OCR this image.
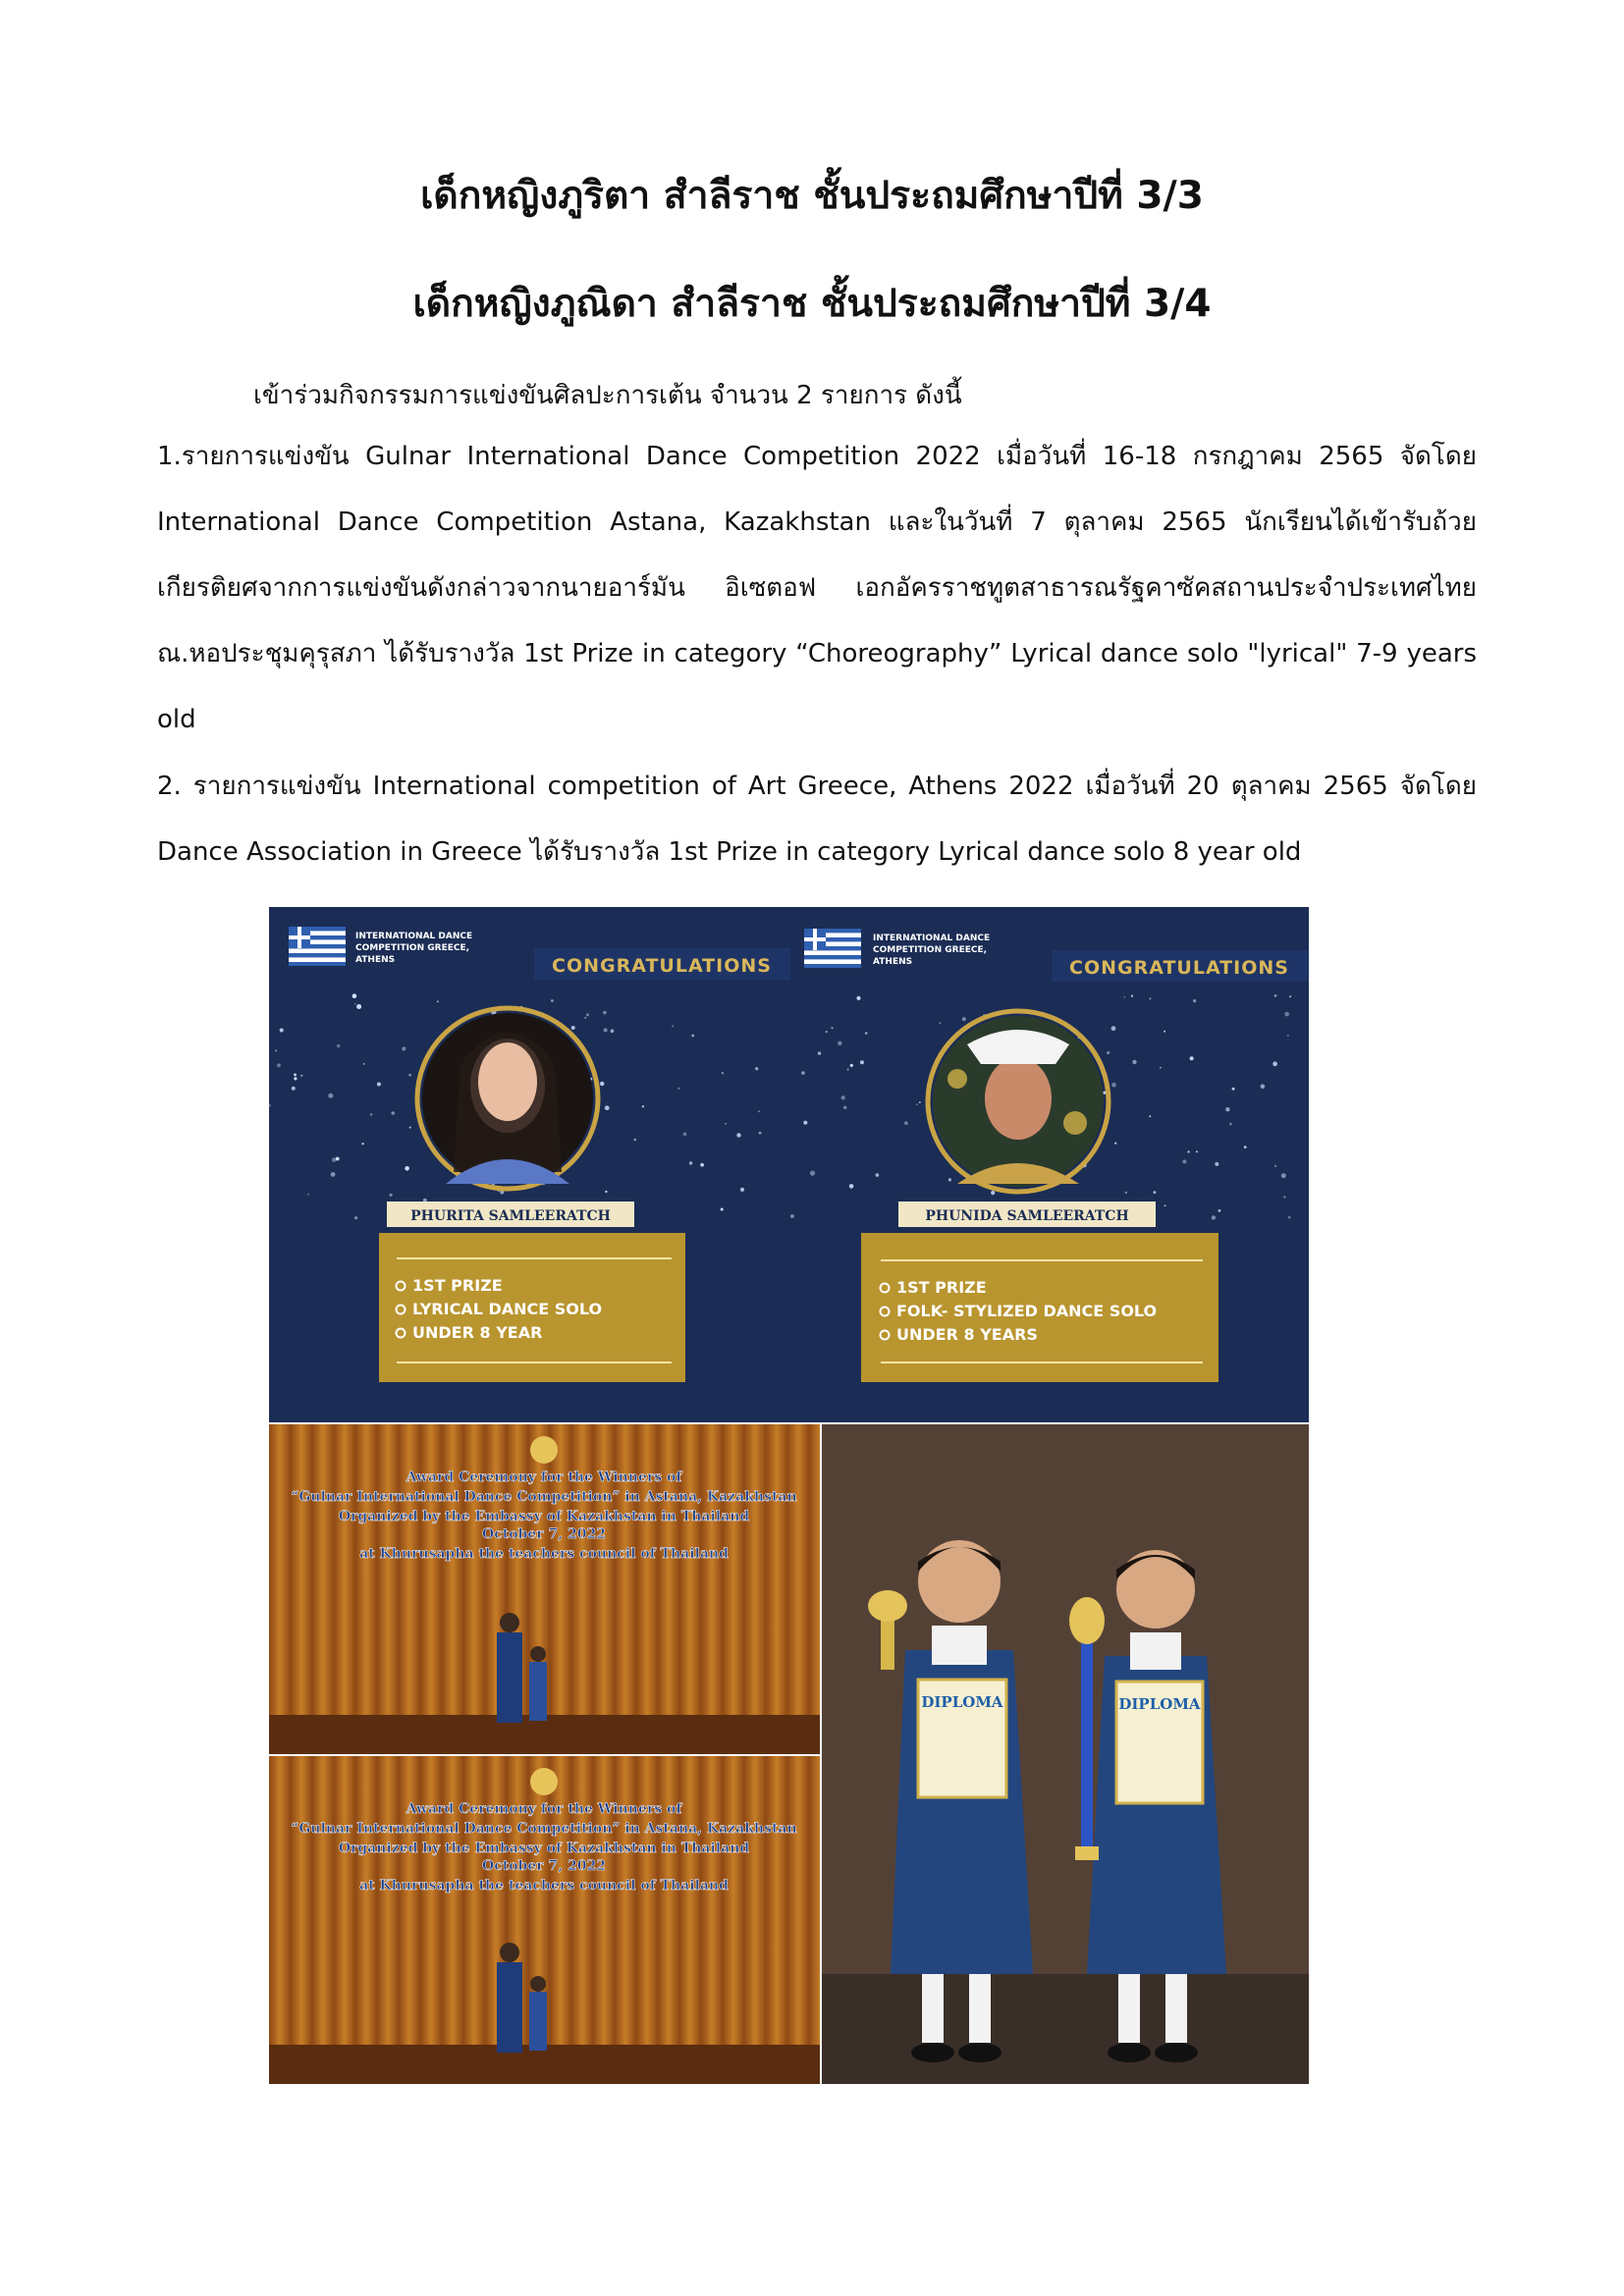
เด็กหญิงภูริตา สำลีราช ชั้นประถมศึกษาปีที่ 3/3
เด็กหญิงภูณิดา สำลีราช ชั้นประถมศึกษาปีที่ 3/4
เข้าร่วมกิจกรรมการแข่งขันศิลปะการเต้น จำนวน 2 รายการ ดังนี้
1.รายการแข่งขัน Gulnar International Dance Competition 2022 เมื่อวันที่ 16-18 กรกฎาคม 2565 จัดโดย International Dance Competition Astana, Kazakhstan และในวันที่ 7 ตุลาคม 2565 นักเรียนได้เข้ารับถ้วยเกียรติยศจากการแข่งขันดังกล่าวจากนายอาร์มัน อิเซตอฟ เอกอัครราชทูตสาธารณรัฐคาซัคสถานประจำประเทศไทย ณ.หอประชุมคุรุสภา ได้รับรางวัล 1st Prize in category “Choreography” Lyrical dance solo "lyrical" 7-9 years old
2. รายการแข่งขัน International competition of Art Greece, Athens 2022 เมื่อวันที่ 20 ตุลาคม 2565 จัดโดย Dance Association in Greece ได้รับรางวัล 1st Prize in category Lyrical dance solo 8 year old
INTERNATIONAL DANCE
COMPETITION GREECE,
ATHENS	CONGRATULATIONS
PHURITA SAMLEERATCH
1ST PRIZE
LYRICAL DANCE SOLO
UNDER 8 YEAR
INTERNATIONAL DANCE
COMPETITION GREECE,
ATHENS	CONGRATULATIONS
PHUNIDA SAMLEERATCH
1ST PRIZE
FOLK- STYLIZED DANCE SOLO
UNDER 8 YEARS
Award Ceremony for the Winners of
“Gulnar International Dance Competition” in Astana, Kazakhstan
Organized by the Embassy of Kazakhstan in Thailand
October 7, 2022
at Khurusapha the teachers council of Thailand
Award Ceremony for the Winners of
“Gulnar International Dance Competition” in Astana, Kazakhstan
Organized by the Embassy of Kazakhstan in Thailand
October 7, 2022
at Khurusapha the teachers council of Thailand
DIPLOMA	DIPLOMA
